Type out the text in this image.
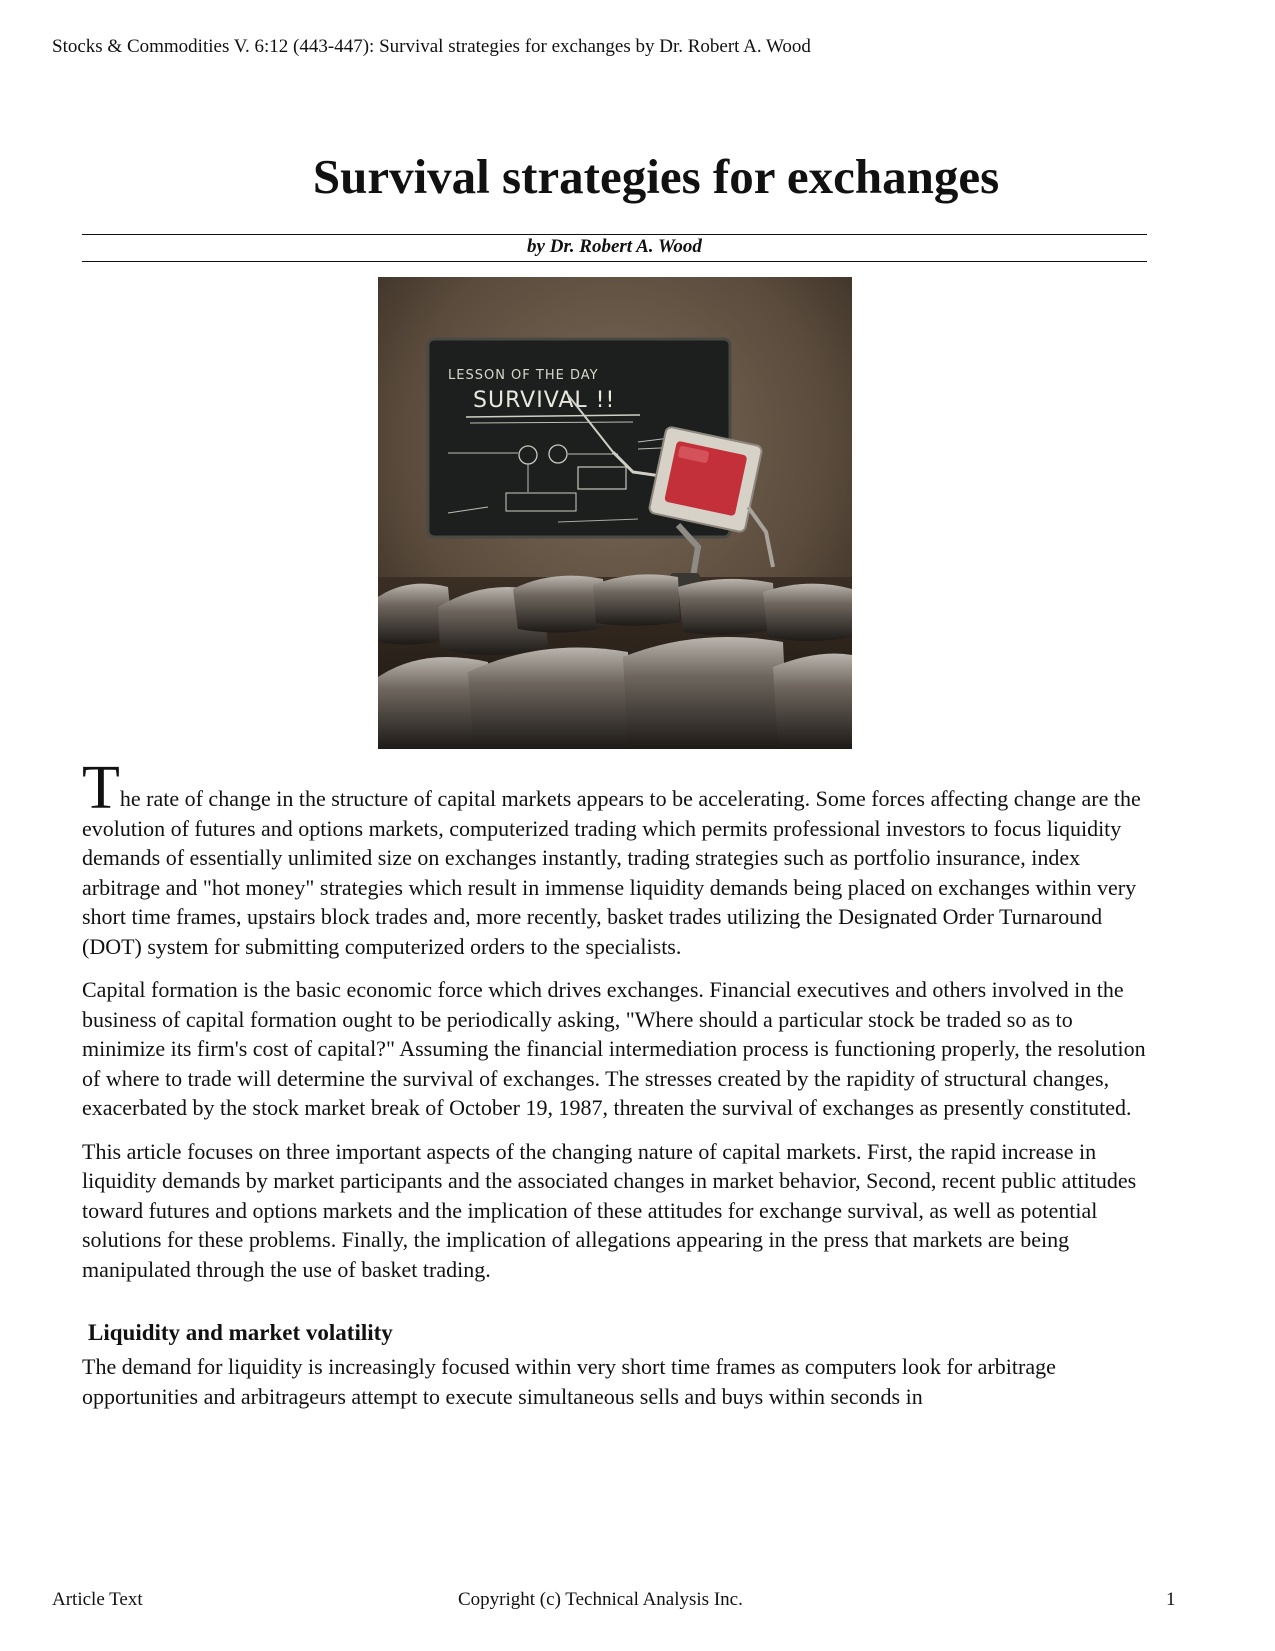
Stocks & Commodities V. 6:12 (443-447): Survival strategies for exchanges by Dr. Robert A. Wood
Survival strategies for exchanges
by Dr. Robert A. Wood
LESSON OF THE DAY
SURVIVAL !!

The rate of change in the structure of capital markets appears to be accelerating. Some forces affecting change are the evolution of futures and options markets, computerized trading which permits professional investors to focus liquidity demands of essentially unlimited size on exchanges instantly, trading strategies such as portfolio insurance, index arbitrage and "hot money" strategies which result in immense liquidity demands being placed on exchanges within very short time frames, upstairs block trades and, more recently, basket trades utilizing the Designated Order Turnaround (DOT) system for submitting computerized orders to the specialists.

Capital formation is the basic economic force which drives exchanges. Financial executives and others involved in the business of capital formation ought to be periodically asking, "Where should a particular stock be traded so as to minimize its firm's cost of capital?" Assuming the financial intermediation process is functioning properly, the resolution of where to trade will determine the survival of exchanges. The stresses created by the rapidity of structural changes, exacerbated by the stock market break of October 19, 1987, threaten the survival of exchanges as presently constituted.

This article focuses on three important aspects of the changing nature of capital markets. First, the rapid increase in liquidity demands by market participants and the associated changes in market behavior, Second, recent public attitudes toward futures and options markets and the implication of these attitudes for exchange survival, as well as potential solutions for these problems. Finally, the implication of allegations appearing in the press that markets are being manipulated through the use of basket trading.

Liquidity and market volatility

The demand for liquidity is increasingly focused within very short time frames as computers look for arbitrage opportunities and arbitrageurs attempt to execute simultaneous sells and buys within seconds in

Article Text	Copyright (c) Technical Analysis Inc.	1
